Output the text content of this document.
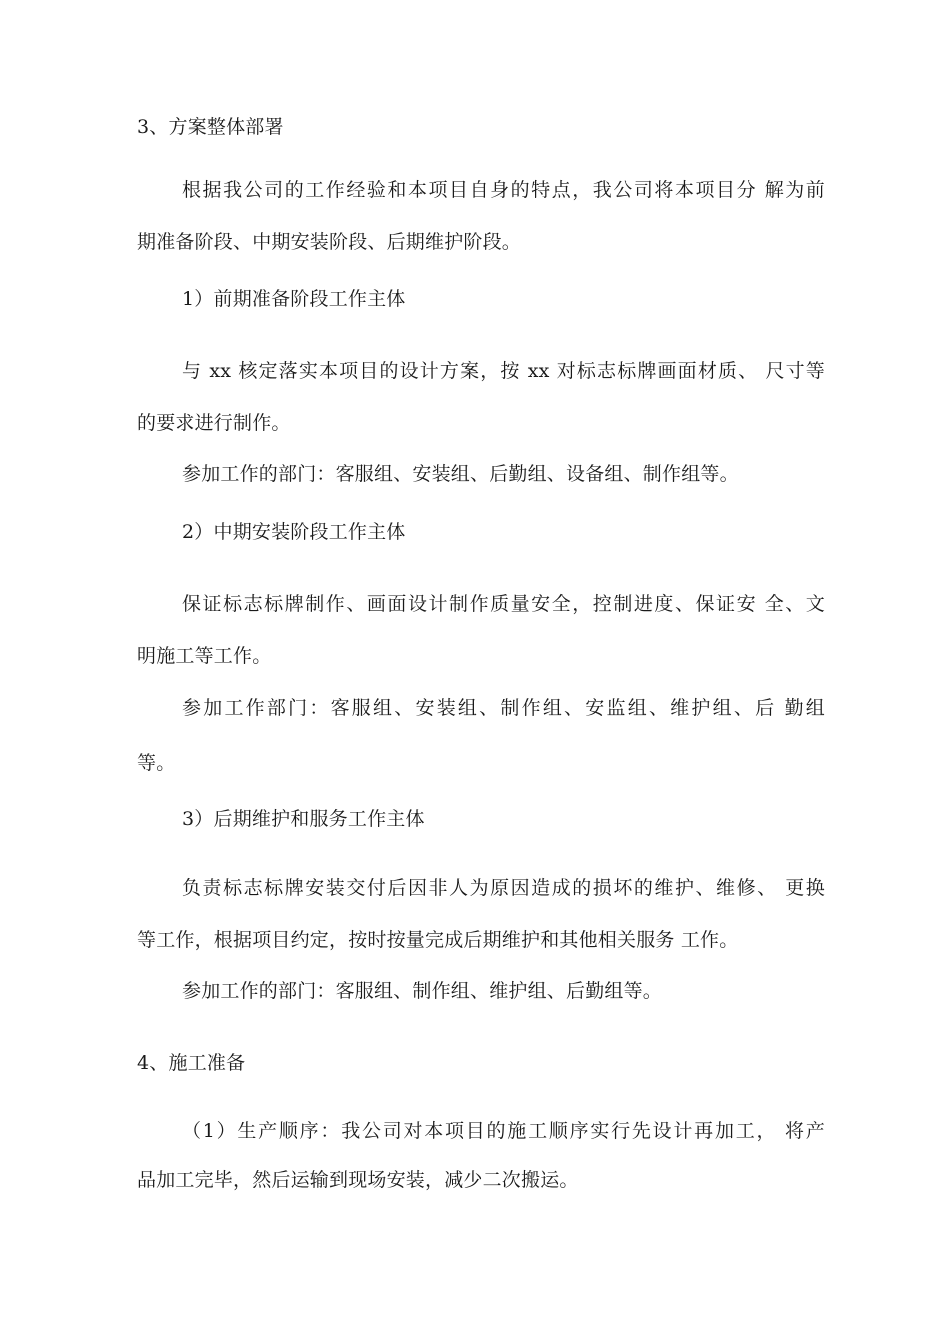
3、方案整体部署
根据我公司的工作经验和本项目自身的特点，我公司将本项目分 解为前
期准备阶段、中期安装阶段、后期维护阶段。
1）前期准备阶段工作主体
与 xx 核定落实本项目的设计方案，按 xx 对标志标牌画面材质、 尺寸等
的要求进行制作。
参加工作的部门：客服组、安装组、后勤组、设备组、制作组等。
2）中期安装阶段工作主体
保证标志标牌制作、画面设计制作质量安全，控制进度、保证安 全、文
明施工等工作。
参加工作部门：客服组、安装组、制作组、安监组、维护组、后 勤组
等。
3）后期维护和服务工作主体
负责标志标牌安装交付后因非人为原因造成的损坏的维护、维修、 更换
等工作，根据项目约定，按时按量完成后期维护和其他相关服务 工作。
参加工作的部门：客服组、制作组、维护组、后勤组等。
4、施工准备
（1）生产顺序：我公司对本项目的施工顺序实行先设计再加工， 将产
品加工完毕，然后运输到现场安装，减少二次搬运。
